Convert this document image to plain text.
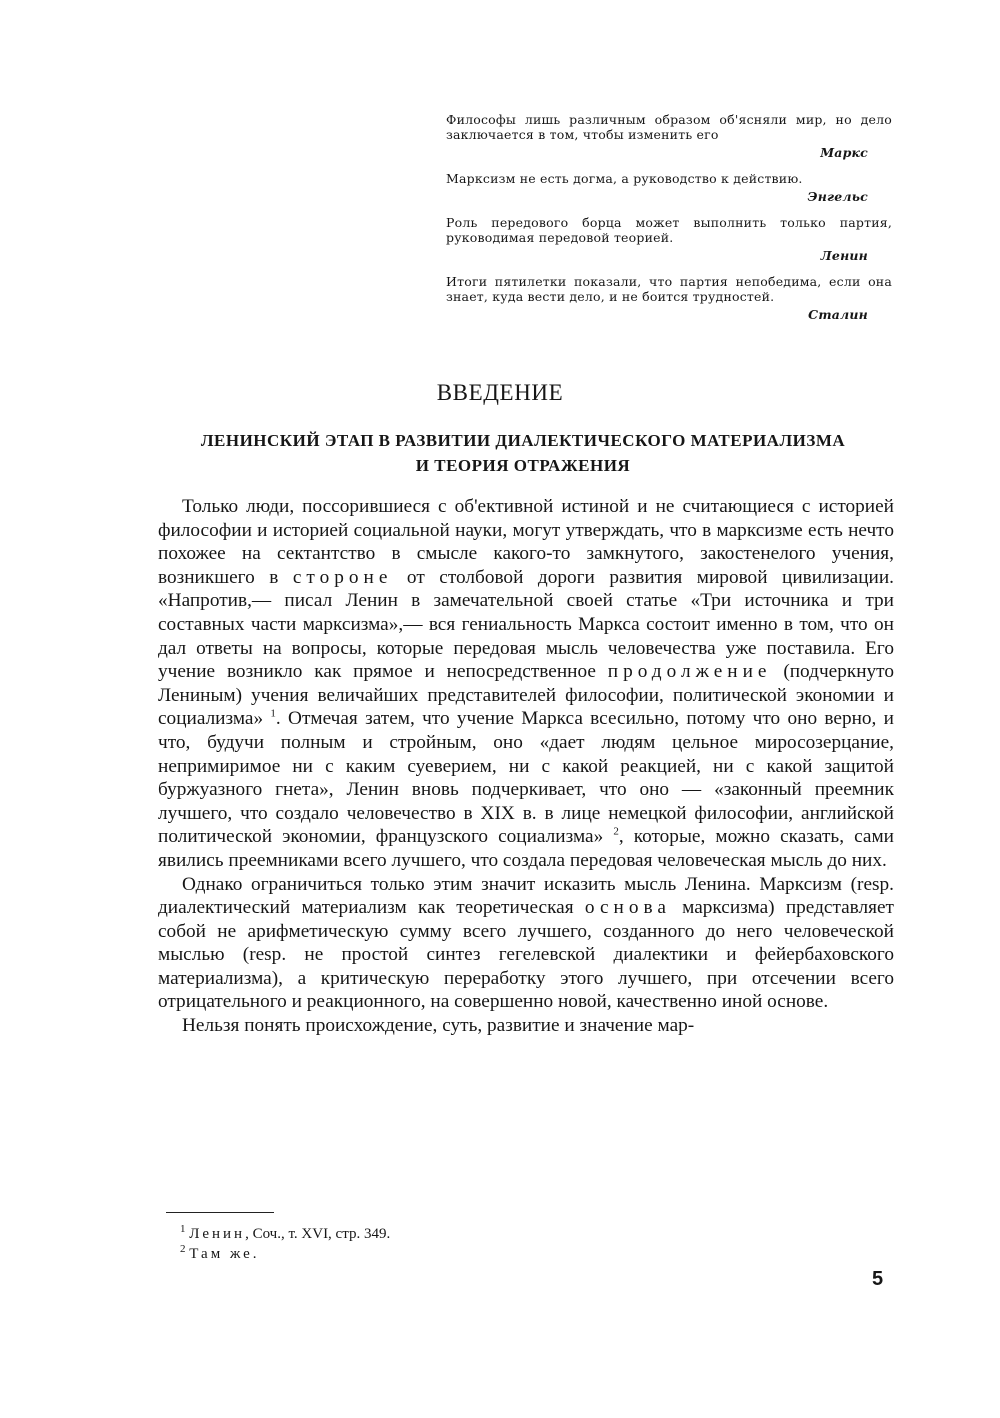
Философы лишь различным образом об'ясняли мир, но дело заключается в том, чтобы изменить его

Маркс

Марксизм не есть догма, а руководство к действию.

Энгельс

Роль передового борца может выполнить только партия, руководимая передовой теорией.

Ленин

Итоги пятилетки показали, что партия непобедима, если она знает, куда вести дело, и не боится трудностей.

Сталин

ВВЕДЕНИЕ
ЛЕНИНСКИЙ ЭТАП В РАЗВИТИИ ДИАЛЕКТИЧЕСКОГО МАТЕРИАЛИЗМА
И ТЕОРИЯ ОТРАЖЕНИЯ

Только люди, поссорившиеся с об'ективной истиной и не считающиеся с историей философии и историей социальной науки, могут утверждать, что в марксизме есть нечто похожее на сектантство в смысле какого-то замкнутого, закостенелого учения, возникшего в стороне от столбовой дороги развития мировой цивилизации. «Напротив,— писал Ленин в замечательной своей статье «Три источника и три составных части марксизма»,— вся гениальность Маркса состоит именно в том, что он дал ответы на вопросы, которые передовая мысль человечества уже поставила. Его учение возникло как прямое и непосредственное продолжение (подчеркнуто Лениным) учения величайших представителей философии, политической экономии и социализма» $^1$. Отмечая затем, что учение Маркса всесильно, потому что оно верно, и что, будучи полным и стройным, оно «дает людям цельное миросозерцание, непримиримое ни с каким суеверием, ни с какой реакцией, ни с какой защитой буржуазного гнета», Ленин вновь подчеркивает, что оно — «законный преемник лучшего, что создало человечество в XIX в. в лице немецкой философии, английской политической экономии, французского социализма» $^2$, которые, можно сказать, сами явились преемниками всего лучшего, что создала передовая человеческая мысль до них.

Однако ограничиться только этим значит исказить мысль Ленина. Марксизм (resp. диалектический материализм как теоретическая основа марксизма) представляет собой не арифметическую сумму всего лучшего, созданного до него человеческой мыслью (resp. не простой синтез гегелевской диалектики и фейербаховского материализма), а критическую переработку этого лучшего, при отсечении всего отрицательного и реакционного, на совершенно новой, качественно иной основе.

Нельзя понять происхождение, суть, развитие и значение мар-

$^1$ Ленин, Соч., т. XVI, стр. 349.

$^2$ Там же.

5
